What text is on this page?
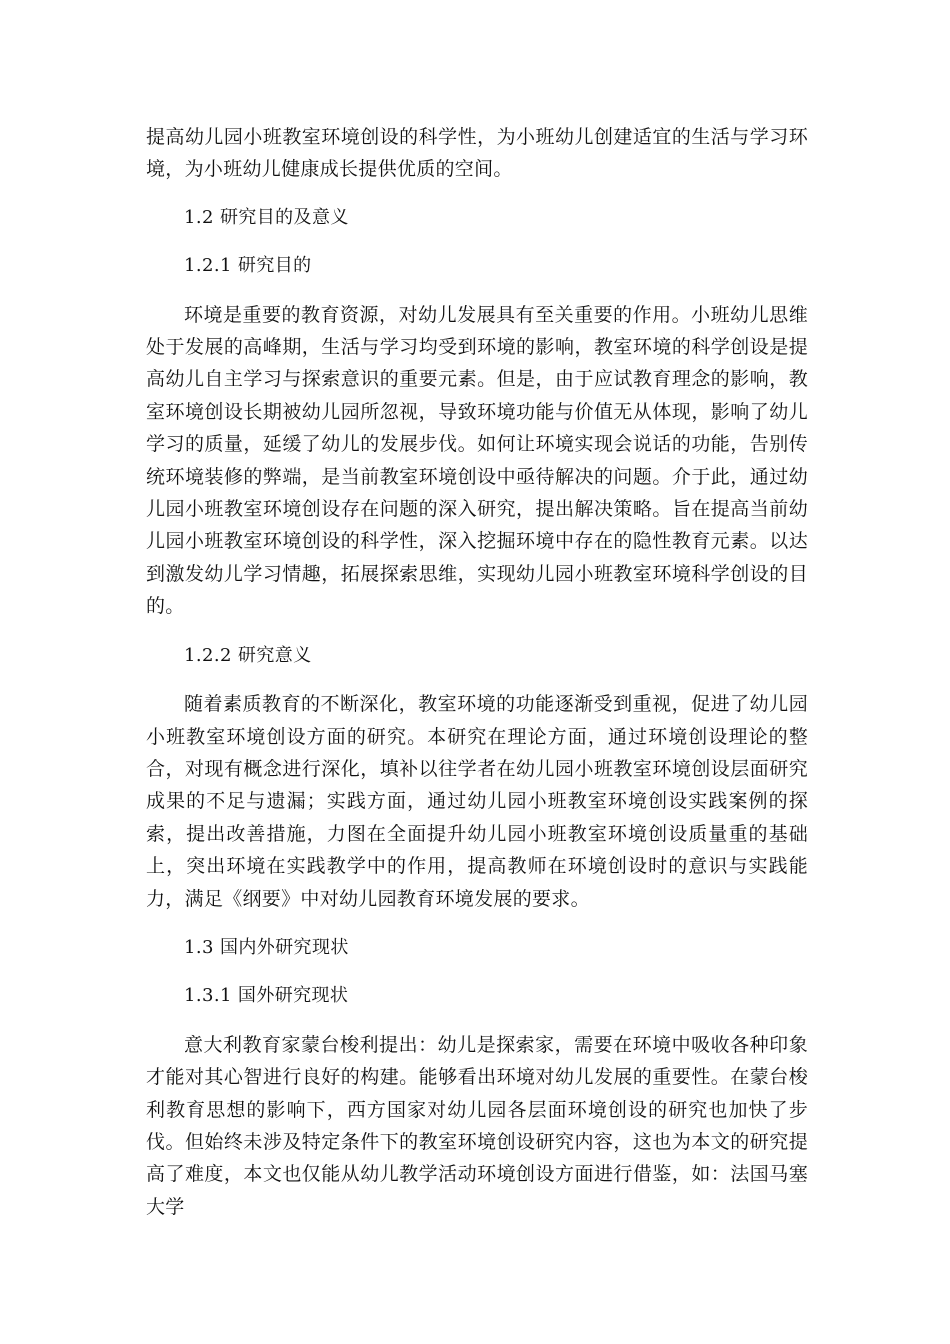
提高幼儿园小班教室环境创设的科学性，为小班幼儿创建适宜的生活与学习环境，为小班幼儿健康成长提供优质的空间。

1.2 研究目的及意义

1.2.1 研究目的

环境是重要的教育资源，对幼儿发展具有至关重要的作用。小班幼儿思维处于发展的高峰期，生活与学习均受到环境的影响，教室环境的科学创设是提高幼儿自主学习与探索意识的重要元素。但是，由于应试教育理念的影响，教室环境创设长期被幼儿园所忽视，导致环境功能与价值无从体现，影响了幼儿学习的质量，延缓了幼儿的发展步伐。如何让环境实现会说话的功能，告别传统环境装修的弊端，是当前教室环境创设中亟待解决的问题。介于此，通过幼儿园小班教室环境创设存在问题的深入研究，提出解决策略。旨在提高当前幼儿园小班教室环境创设的科学性，深入挖掘环境中存在的隐性教育元素。以达到激发幼儿学习情趣，拓展探索思维，实现幼儿园小班教室环境科学创设的目的。

1.2.2 研究意义

随着素质教育的不断深化，教室环境的功能逐渐受到重视，促进了幼儿园小班教室环境创设方面的研究。本研究在理论方面，通过环境创设理论的整合，对现有概念进行深化，填补以往学者在幼儿园小班教室环境创设层面研究成果的不足与遗漏；实践方面，通过幼儿园小班教室环境创设实践案例的探索，提出改善措施，力图在全面提升幼儿园小班教室环境创设质量重的基础上，突出环境在实践教学中的作用，提高教师在环境创设时的意识与实践能力，满足《纲要》中对幼儿园教育环境发展的要求。

1.3 国内外研究现状

1.3.1 国外研究现状

意大利教育家蒙台梭利提出：幼儿是探索家，需要在环境中吸收各种印象才能对其心智进行良好的构建。能够看出环境对幼儿发展的重要性。在蒙台梭利教育思想的影响下，西方国家对幼儿园各层面环境创设的研究也加快了步伐。但始终未涉及特定条件下的教室环境创设研究内容，这也为本文的研究提高了难度，本文也仅能从幼儿教学活动环境创设方面进行借鉴，如：法国马塞大学
